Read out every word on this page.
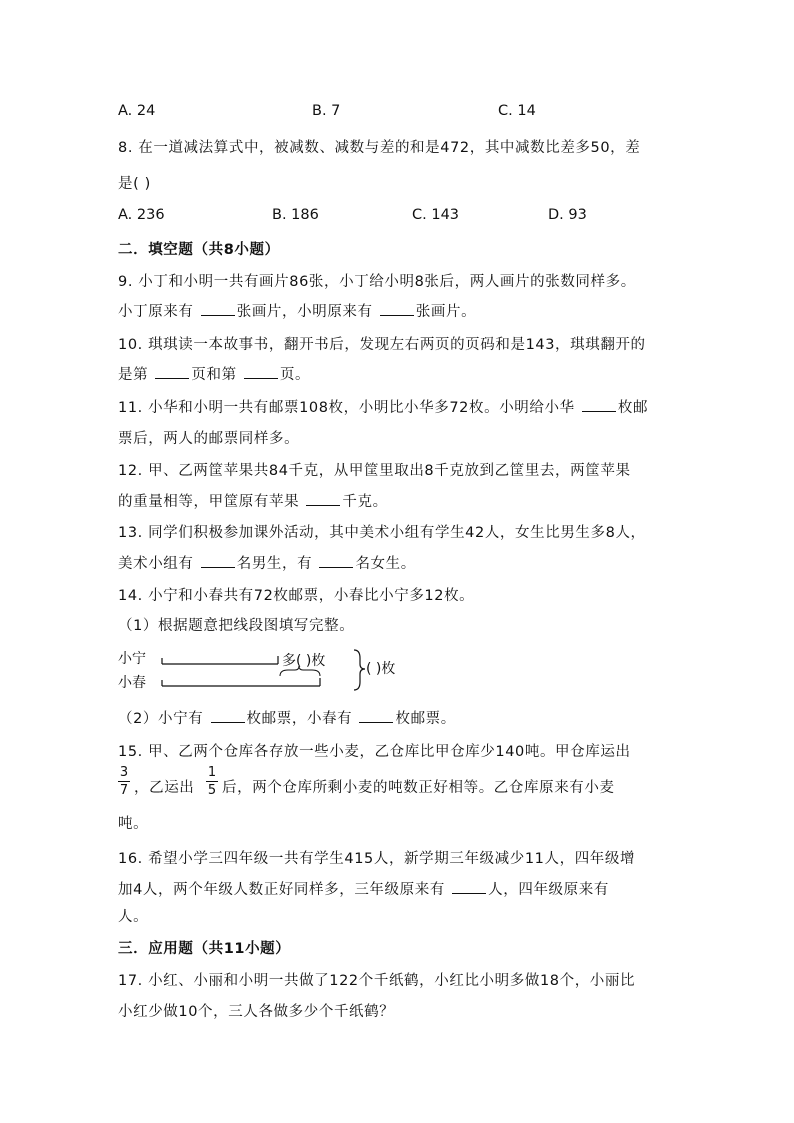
A. 24	B. 7	C. 14
8. 在一道减法算式中，被减数、减数与差的和是472，其中减数比差多50，差
是( )
A. 236	B. 186	C. 143	D. 93
二．填空题（共8小题）
9. 小丁和小明一共有画片86张，小丁给小明8张后，两人画片的张数同样多。
小丁原来有	张画片，小明原来有	张画片。
10. 琪琪读一本故事书，翻开书后，发现左右两页的页码和是143，琪琪翻开的
是第	页和第	页。
11. 小华和小明一共有邮票108枚，小明比小华多72枚。小明给小华	枚邮
票后，两人的邮票同样多。
12. 甲、乙两筐苹果共84千克，从甲筐里取出8千克放到乙筐里去，两筐苹果
的重量相等，甲筐原有苹果	千克。
13. 同学们积极参加课外活动，其中美术小组有学生42人，女生比男生多8人，
美术小组有	名男生，有	名女生。
14. 小宁和小春共有72枚邮票，小春比小宁多12枚。
（1）根据题意把线段图填写完整。
小宁
小春
多( )枚	( )枚
（2）小宁有	枚邮票，小春有	枚邮票。
15. 甲、乙两个仓库各存放一些小麦，乙仓库比甲仓库少140吨。甲仓库运出
3
7 ，乙运出
1
5 后，两个仓库所剩小麦的吨数正好相等。乙仓库原来有小麦
吨。
16. 希望小学三四年级一共有学生415人，新学期三年级减少11人，四年级增
加4人，两个年级人数正好同样多，三年级原来有	人，四年级原来有
人。
三．应用题（共11小题）
17. 小红、小丽和小明一共做了122个千纸鹤，小红比小明多做18个，小丽比
小红少做10个，三人各做多少个千纸鹤？
